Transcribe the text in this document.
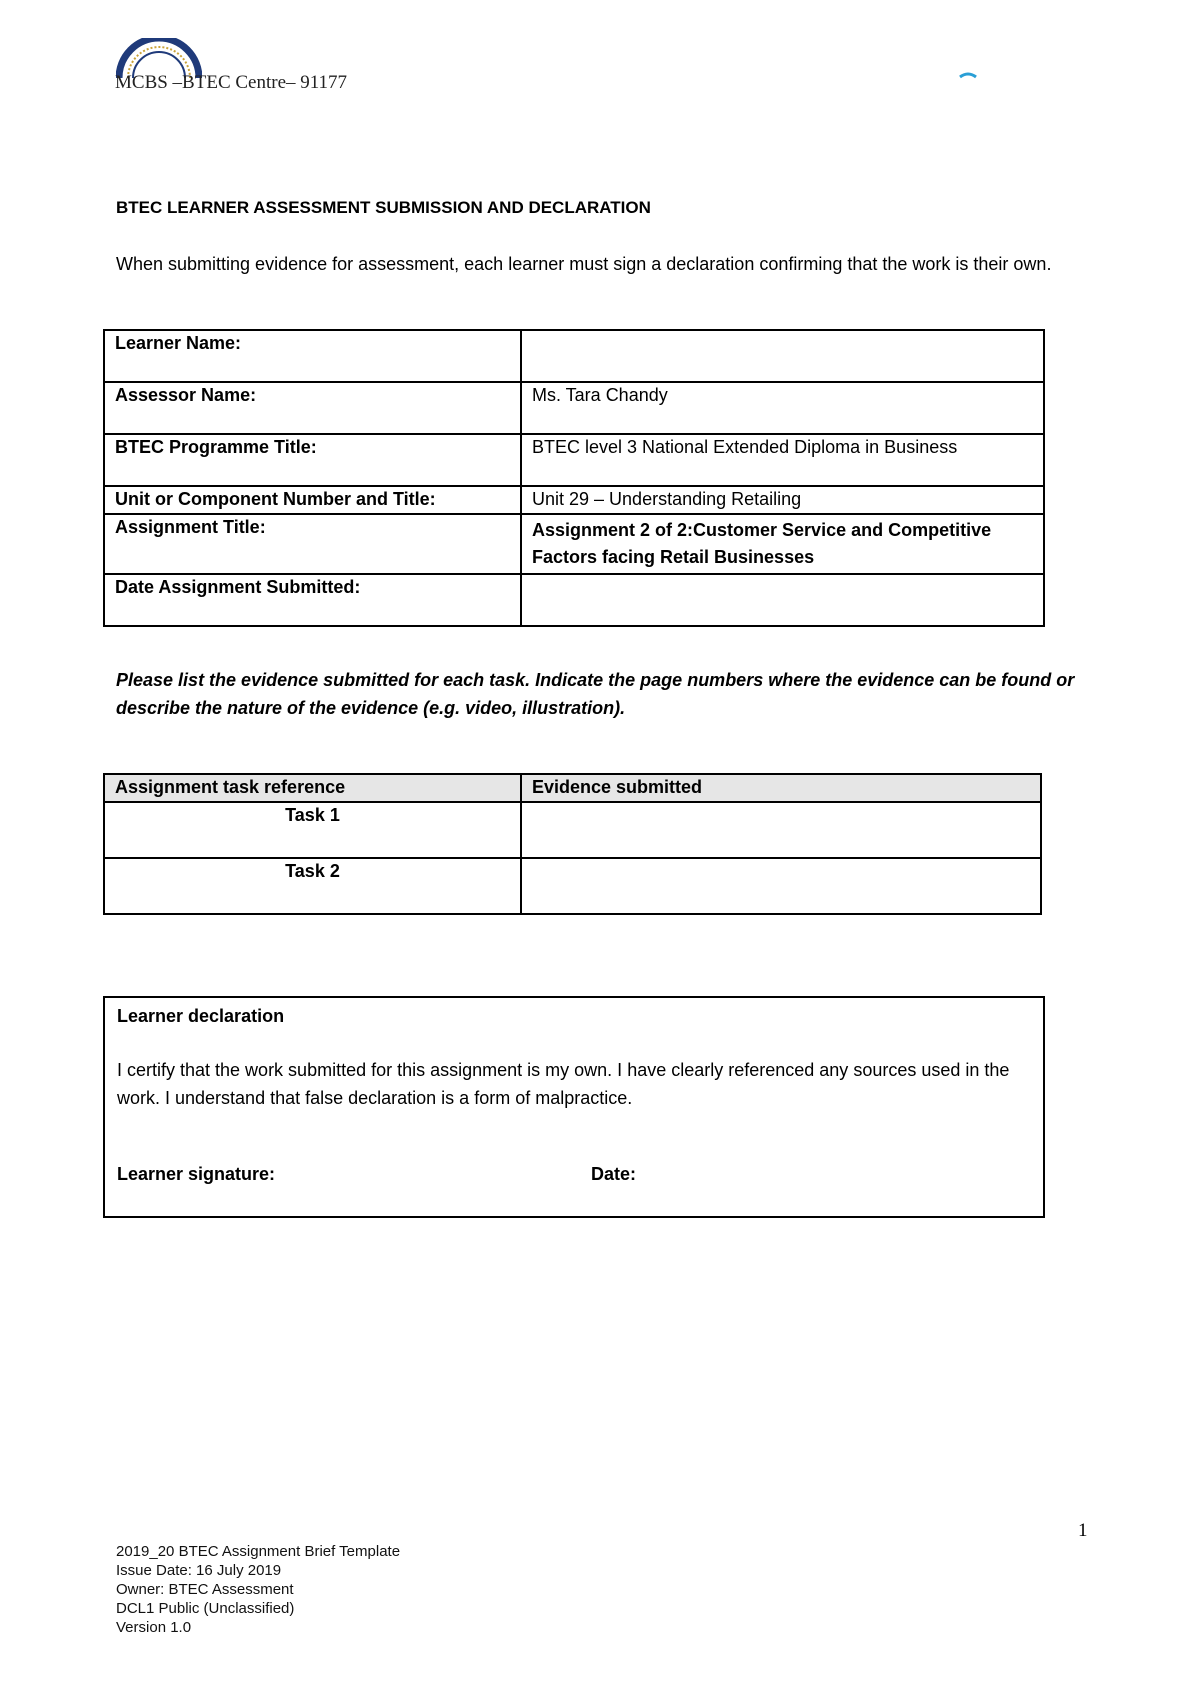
MCBS –BTEC Centre– 91177
BTEC LEARNER ASSESSMENT SUBMISSION AND DECLARATION
When submitting evidence for assessment, each learner must sign a declaration confirming that the work is their own.
Learner Name:	
Assessor Name:	Ms. Tara Chandy
BTEC Programme Title:	BTEC level 3 National Extended Diploma in Business
Unit or Component Number and Title:	Unit 29 – Understanding Retailing
Assignment Title:	Assignment 2 of 2:Customer Service and Competitive Factors facing Retail Businesses
Date Assignment Submitted:	
Please list the evidence submitted for each task. Indicate the page numbers where the evidence can be found or describe the nature of the evidence (e.g. video, illustration).
Assignment task reference	Evidence submitted
Task 1	
Task 2	
Learner declaration
I certify that the work submitted for this assignment is my own. I have clearly referenced any sources used in the work. I understand that false declaration is a form of malpractice.
Learner signature:	Date:
1
2019_20 BTEC Assignment Brief Template
Issue Date: 16 July 2019
Owner: BTEC Assessment
DCL1 Public (Unclassified)
Version 1.0
